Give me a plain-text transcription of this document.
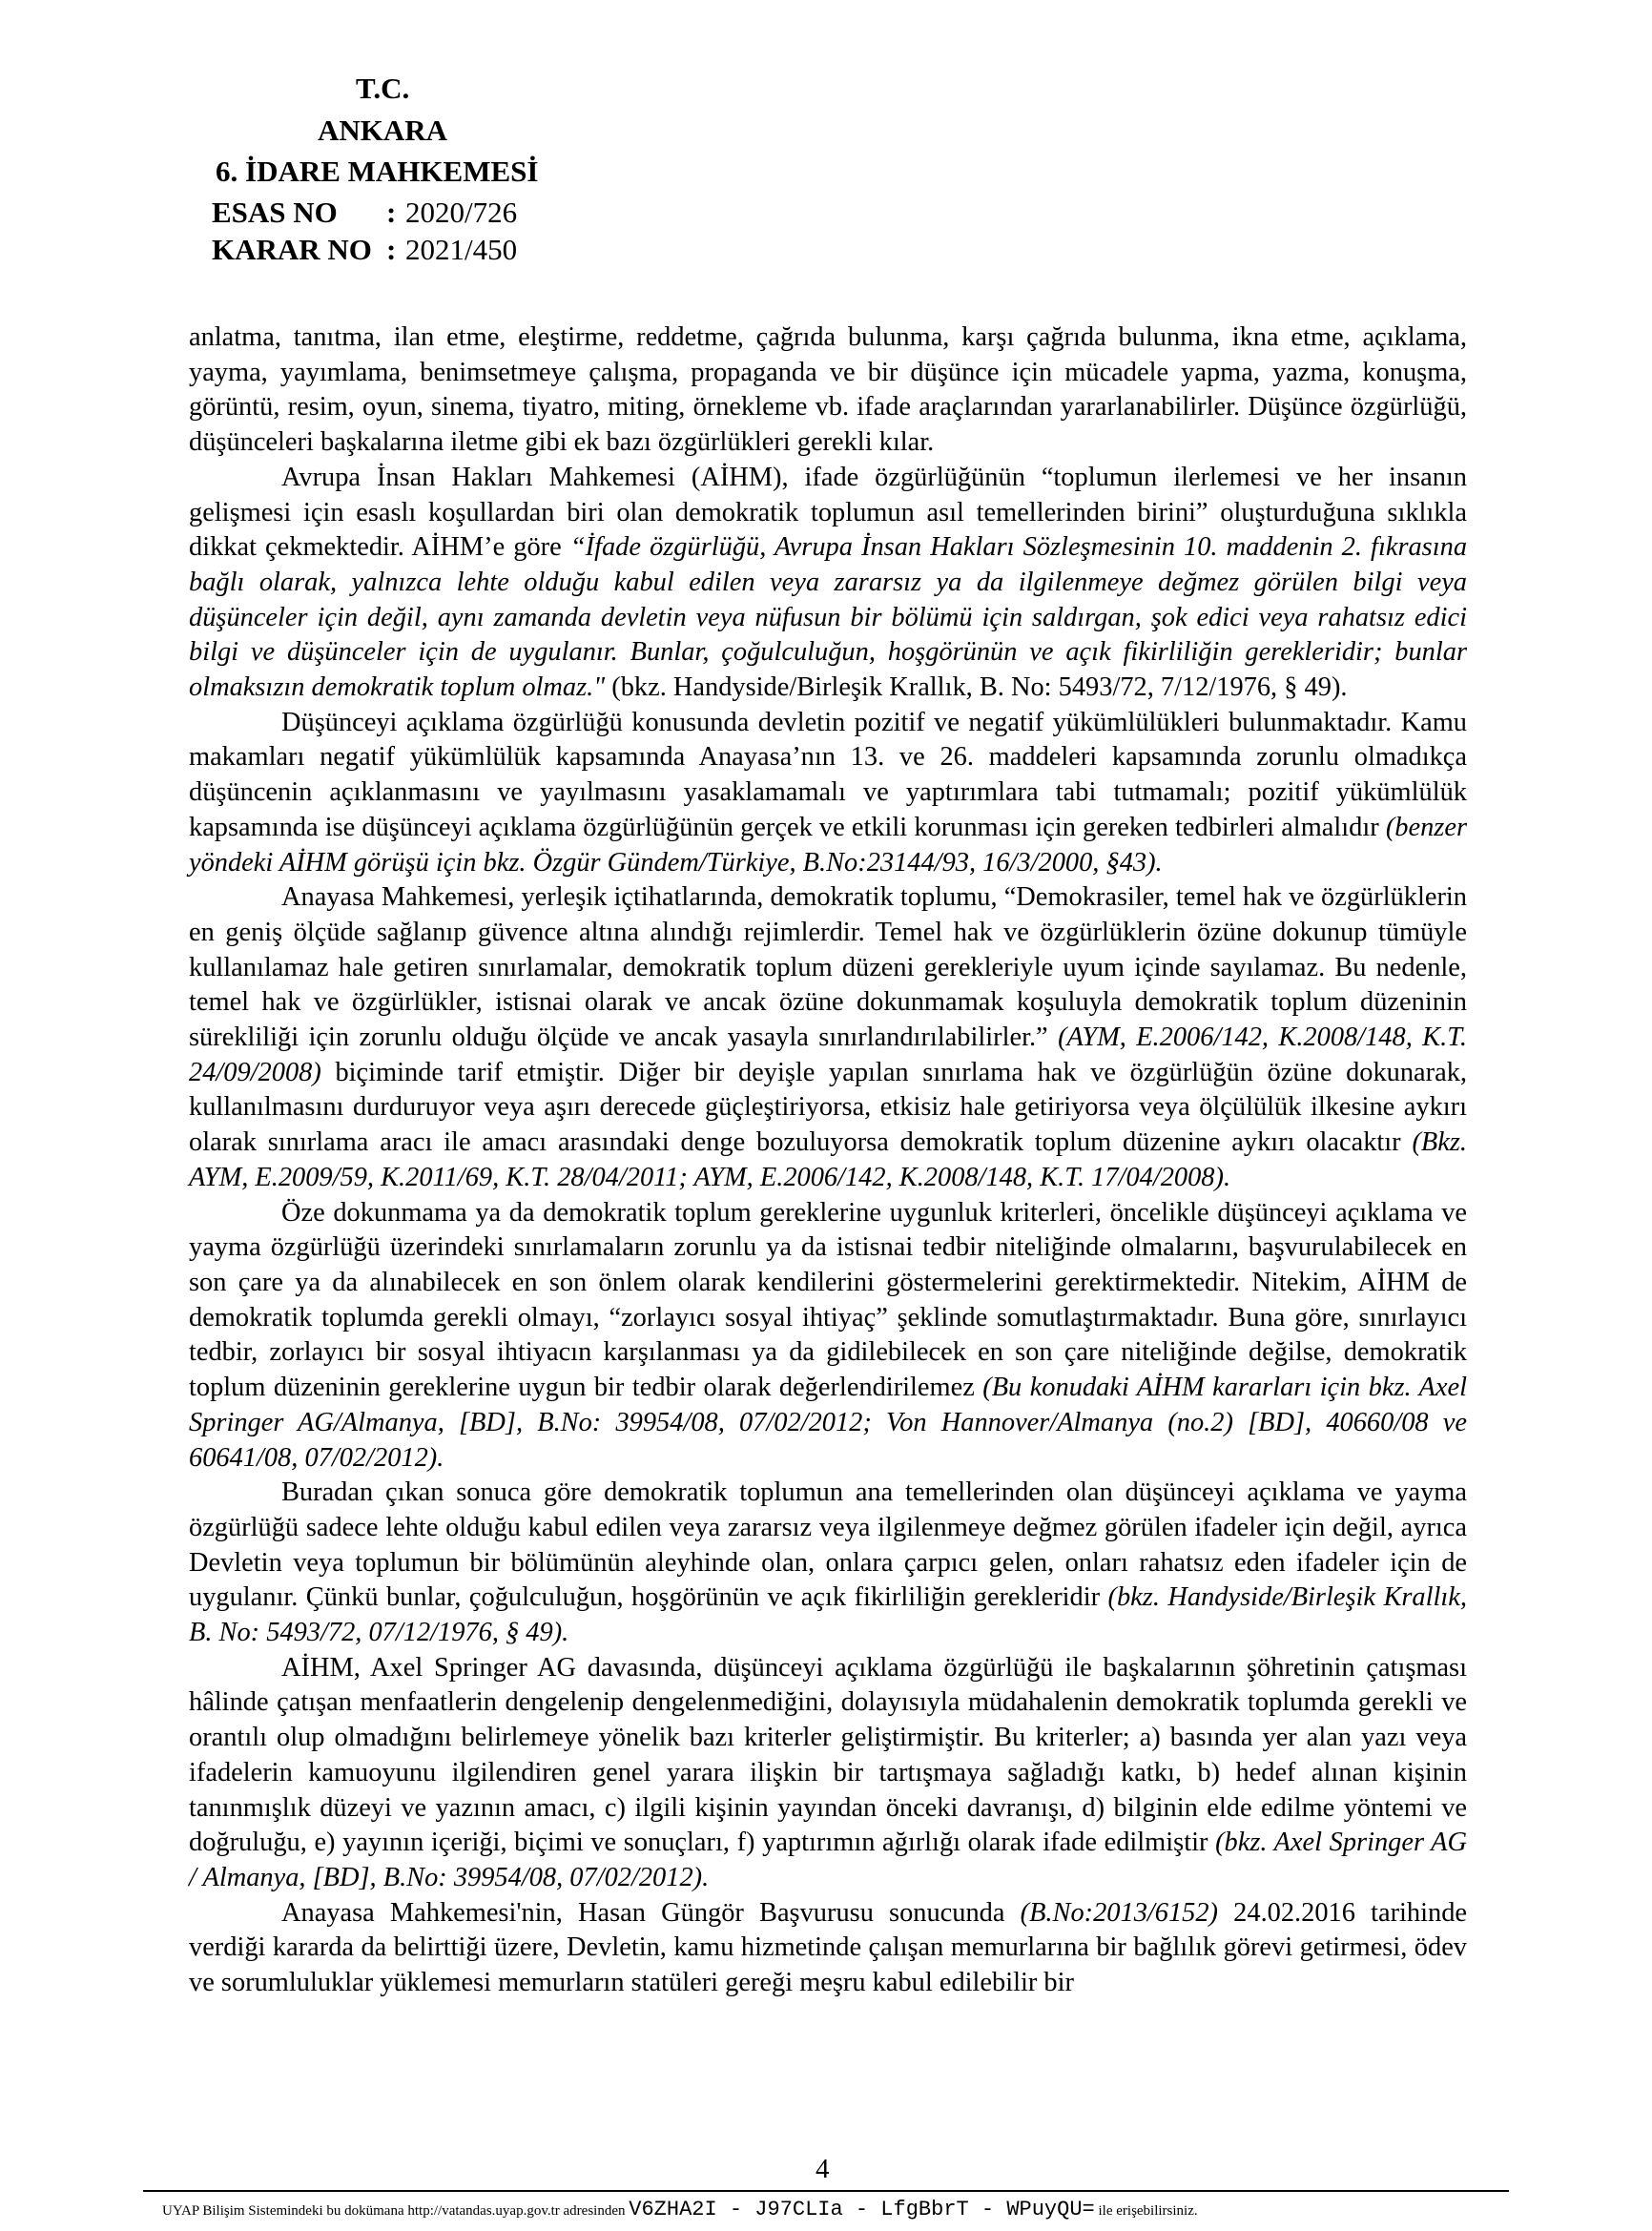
T.C.
ANKARA
6. İDARE MAHKEMESİ
ESAS NO : 2020/726
KARAR NO : 2021/450

anlatma, tanıtma, ilan etme, eleştirme, reddetme, çağrıda bulunma, karşı çağrıda bulunma, ikna etme, açıklama, yayma, yayımlama, benimsetmeye çalışma, propaganda ve bir düşünce için mücadele yapma, yazma, konuşma, görüntü, resim, oyun, sinema, tiyatro, miting, örnekleme vb. ifade araçlarından yararlanabilirler. Düşünce özgürlüğü, düşünceleri başkalarına iletme gibi ek bazı özgürlükleri gerekli kılar.

Avrupa İnsan Hakları Mahkemesi (AİHM), ifade özgürlüğünün “toplumun ilerlemesi ve her insanın gelişmesi için esaslı koşullardan biri olan demokratik toplumun asıl temellerinden birini” oluşturduğuna sıklıkla dikkat çekmektedir. AİHM’e göre “İfade özgürlüğü, Avrupa İnsan Hakları Sözleşmesinin 10. maddenin 2. fıkrasına bağlı olarak, yalnızca lehte olduğu kabul edilen veya zararsız ya da ilgilenmeye değmez görülen bilgi veya düşünceler için değil, aynı zamanda devletin veya nüfusun bir bölümü için saldırgan, şok edici veya rahatsız edici bilgi ve düşünceler için de uygulanır. Bunlar, çoğulculuğun, hoşgörünün ve açık fikirliliğin gerekleridir; bunlar olmaksızın demokratik toplum olmaz." (bkz. Handyside/Birleşik Krallık, B. No: 5493/72, 7/12/1976, § 49).

Düşünceyi açıklama özgürlüğü konusunda devletin pozitif ve negatif yükümlülükleri bulunmaktadır. Kamu makamları negatif yükümlülük kapsamında Anayasa’nın 13. ve 26. maddeleri kapsamında zorunlu olmadıkça düşüncenin açıklanmasını ve yayılmasını yasaklamamalı ve yaptırımlara tabi tutmamalı; pozitif yükümlülük kapsamında ise düşünceyi açıklama özgürlüğünün gerçek ve etkili korunması için gereken tedbirleri almalıdır (benzer yöndeki AİHM görüşü için bkz. Özgür Gündem/Türkiye, B.No:23144/93, 16/3/2000, §43).

Anayasa Mahkemesi, yerleşik içtihatlarında, demokratik toplumu, “Demokrasiler, temel hak ve özgürlüklerin en geniş ölçüde sağlanıp güvence altına alındığı rejimlerdir. Temel hak ve özgürlüklerin özüne dokunup tümüyle kullanılamaz hale getiren sınırlamalar, demokratik toplum düzeni gerekleriyle uyum içinde sayılamaz. Bu nedenle, temel hak ve özgürlükler, istisnai olarak ve ancak özüne dokunmamak koşuluyla demokratik toplum düzeninin sürekliliği için zorunlu olduğu ölçüde ve ancak yasayla sınırlandırılabilirler.” (AYM, E.2006/142, K.2008/148, K.T. 24/09/2008) biçiminde tarif etmiştir. Diğer bir deyişle yapılan sınırlama hak ve özgürlüğün özüne dokunarak, kullanılmasını durduruyor veya aşırı derecede güçleştiriyorsa, etkisiz hale getiriyorsa veya ölçülülük ilkesine aykırı olarak sınırlama aracı ile amacı arasındaki denge bozuluyorsa demokratik toplum düzenine aykırı olacaktır (Bkz. AYM, E.2009/59, K.2011/69, K.T. 28/04/2011; AYM, E.2006/142, K.2008/148, K.T. 17/04/2008).

Öze dokunmama ya da demokratik toplum gereklerine uygunluk kriterleri, öncelikle düşünceyi açıklama ve yayma özgürlüğü üzerindeki sınırlamaların zorunlu ya da istisnai tedbir niteliğinde olmalarını, başvurulabilecek en son çare ya da alınabilecek en son önlem olarak kendilerini göstermelerini gerektirmektedir. Nitekim, AİHM de demokratik toplumda gerekli olmayı, “zorlayıcı sosyal ihtiyaç” şeklinde somutlaştırmaktadır. Buna göre, sınırlayıcı tedbir, zorlayıcı bir sosyal ihtiyacın karşılanması ya da gidilebilecek en son çare niteliğinde değilse, demokratik toplum düzeninin gereklerine uygun bir tedbir olarak değerlendirilemez (Bu konudaki AİHM kararları için bkz. Axel Springer AG/Almanya, [BD], B.No: 39954/08, 07/02/2012; Von Hannover/Almanya (no.2) [BD], 40660/08 ve 60641/08, 07/02/2012).

Buradan çıkan sonuca göre demokratik toplumun ana temellerinden olan düşünceyi açıklama ve yayma özgürlüğü sadece lehte olduğu kabul edilen veya zararsız veya ilgilenmeye değmez görülen ifadeler için değil, ayrıca Devletin veya toplumun bir bölümünün aleyhinde olan, onlara çarpıcı gelen, onları rahatsız eden ifadeler için de uygulanır. Çünkü bunlar, çoğulculuğun, hoşgörünün ve açık fikirliliğin gerekleridir (bkz. Handyside/Birleşik Krallık, B. No: 5493/72, 07/12/1976, § 49).

AİHM, Axel Springer AG davasında, düşünceyi açıklama özgürlüğü ile başkalarının şöhretinin çatışması hâlinde çatışan menfaatlerin dengelenip dengelenmediğini, dolayısıyla müdahalenin demokratik toplumda gerekli ve orantılı olup olmadığını belirlemeye yönelik bazı kriterler geliştirmiştir. Bu kriterler; a) basında yer alan yazı veya ifadelerin kamuoyunu ilgilendiren genel yarara ilişkin bir tartışmaya sağladığı katkı, b) hedef alınan kişinin tanınmışlık düzeyi ve yazının amacı, c) ilgili kişinin yayından önceki davranışı, d) bilginin elde edilme yöntemi ve doğruluğu, e) yayının içeriği, biçimi ve sonuçları, f) yaptırımın ağırlığı olarak ifade edilmiştir (bkz. Axel Springer AG / Almanya, [BD], B.No: 39954/08, 07/02/2012).

Anayasa Mahkemesi'nin, Hasan Güngör Başvurusu sonucunda (B.No:2013/6152) 24.02.2016 tarihinde verdiği kararda da belirttiği üzere, Devletin, kamu hizmetinde çalışan memurlarına bir bağlılık görevi getirmesi, ödev ve sorumluluklar yüklemesi memurların statüleri gereği meşru kabul edilebilir bir

4
UYAP Bilişim Sistemindeki bu dokümana http://vatandas.uyap.gov.tr adresinden V6ZHA2I - J97CLIa - LfgBbrT - WPuyQU= ile erişebilirsiniz.
